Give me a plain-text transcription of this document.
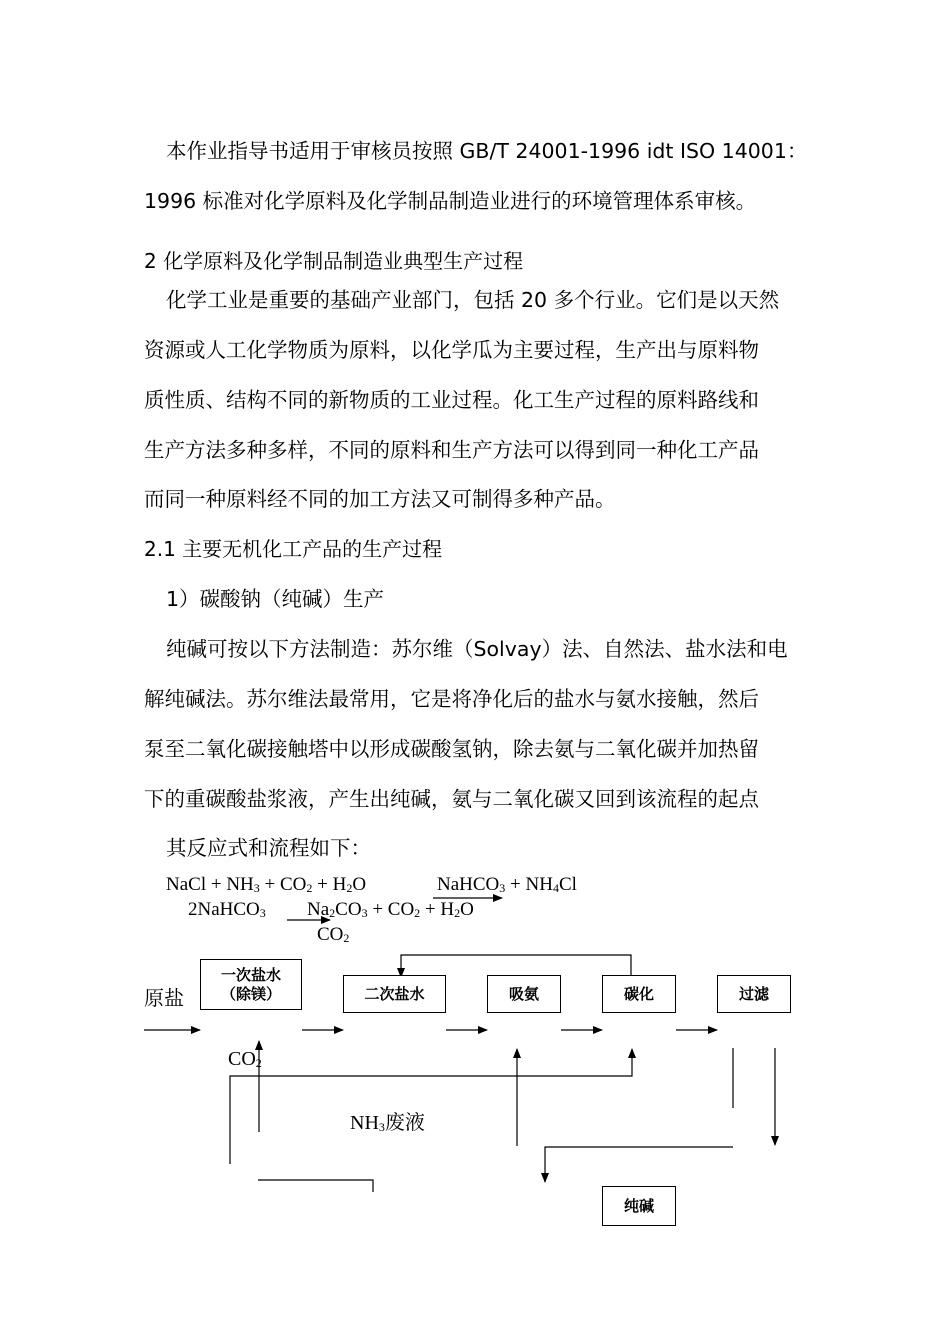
本作业指导书适用于审核员按照 GB/T 24001-1996 idt ISO 14001：
1996 标准对化学原料及化学制品制造业进行的环境管理体系审核。
2 化学原料及化学制品制造业典型生产过程
化学工业是重要的基础产业部门，包括 20 多个行业。它们是以天然
资源或人工化学物质为原料，以化学瓜为主要过程，生产出与原料物
质性质、结构不同的新物质的工业过程。化工生产过程的原料路线和
生产方法多种多样，不同的原料和生产方法可以得到同一种化工产品
而同一种原料经不同的加工方法又可制得多种产品。
2.1 主要无机化工产品的生产过程
1）碳酸钠（纯碱）生产
纯碱可按以下方法制造：苏尔维（Solvay）法、自然法、盐水法和电
解纯碱法。苏尔维法最常用，它是将净化后的盐水与氨水接触，然后
泵至二氧化碳接触塔中以形成碳酸氢钠，除去氨与二氧化碳并加热留
下的重碳酸盐浆液，产生出纯碱，氨与二氧化碳又回到该流程的起点
其反应式和流程如下：
NaCl + $NH_3 + CO_2 + H_2O$	NaHCO$_3$ + $NH_4Cl$
2NaHCO$_3$ $Na_2CO_3 + CO_2 + H_2O$
$CO_2$
原盐
一次盐水
（除镁）	二次盐水	吸氨	碳化	过滤
纯碱
$CO_2$
$NH_3$废液
